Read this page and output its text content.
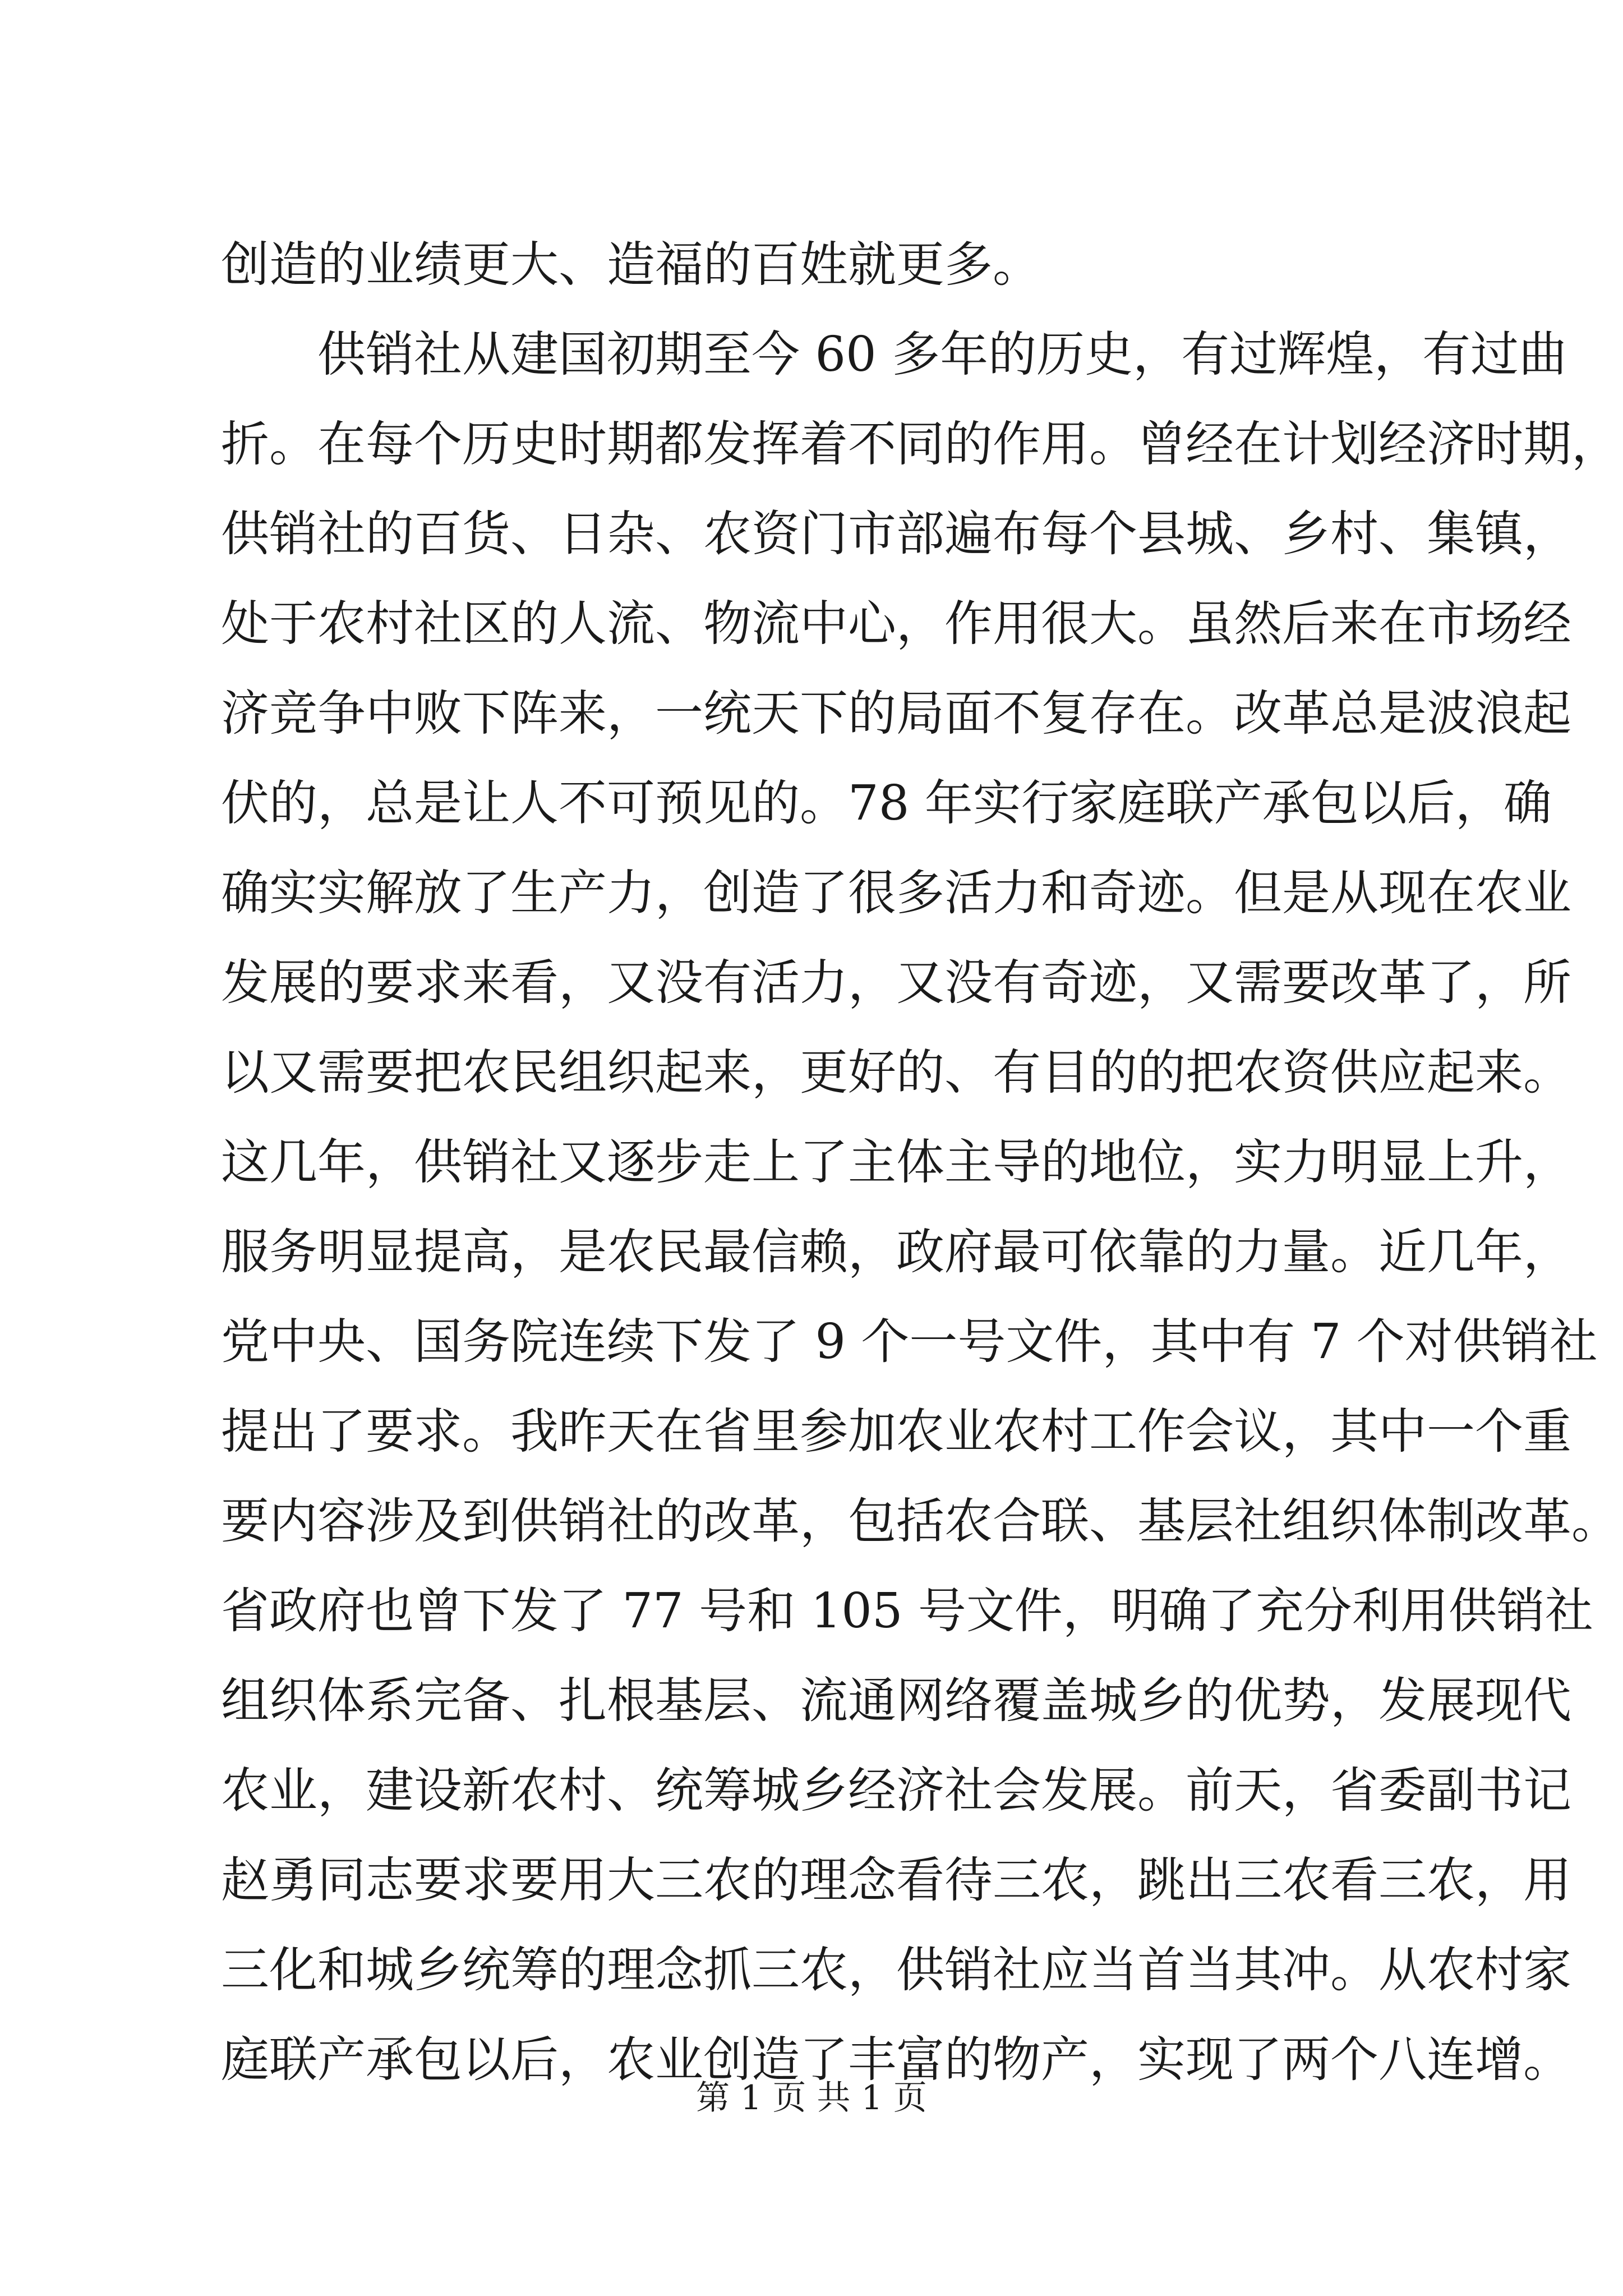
创造的业绩更大、造福的百姓就更多。
供销社从建国初期至今 60 多年的历史，有过辉煌，有过曲
折。在每个历史时期都发挥着不同的作用。曾经在计划经济时期，
供销社的百货、日杂、农资门市部遍布每个县城、乡村、集镇，
处于农村社区的人流、物流中心，作用很大。虽然后来在市场经
济竞争中败下阵来，一统天下的局面不复存在。改革总是波浪起
伏的，总是让人不可预见的。78 年实行家庭联产承包以后，确
确实实解放了生产力，创造了很多活力和奇迹。但是从现在农业
发展的要求来看，又没有活力，又没有奇迹，又需要改革了，所
以又需要把农民组织起来，更好的、有目的的把农资供应起来。
这几年，供销社又逐步走上了主体主导的地位，实力明显上升，
服务明显提高，是农民最信赖，政府最可依靠的力量。近几年，
党中央、国务院连续下发了 9 个一号文件，其中有 7 个对供销社
提出了要求。我昨天在省里参加农业农村工作会议，其中一个重
要内容涉及到供销社的改革，包括农合联、基层社组织体制改革。
省政府也曾下发了 77 号和 105 号文件，明确了充分利用供销社
组织体系完备、扎根基层、流通网络覆盖城乡的优势，发展现代
农业，建设新农村、统筹城乡经济社会发展。前天，省委副书记
赵勇同志要求要用大三农的理念看待三农，跳出三农看三农，用
三化和城乡统筹的理念抓三农，供销社应当首当其冲。从农村家
庭联产承包以后，农业创造了丰富的物产，实现了两个八连增。
第 1 页 共 1 页
